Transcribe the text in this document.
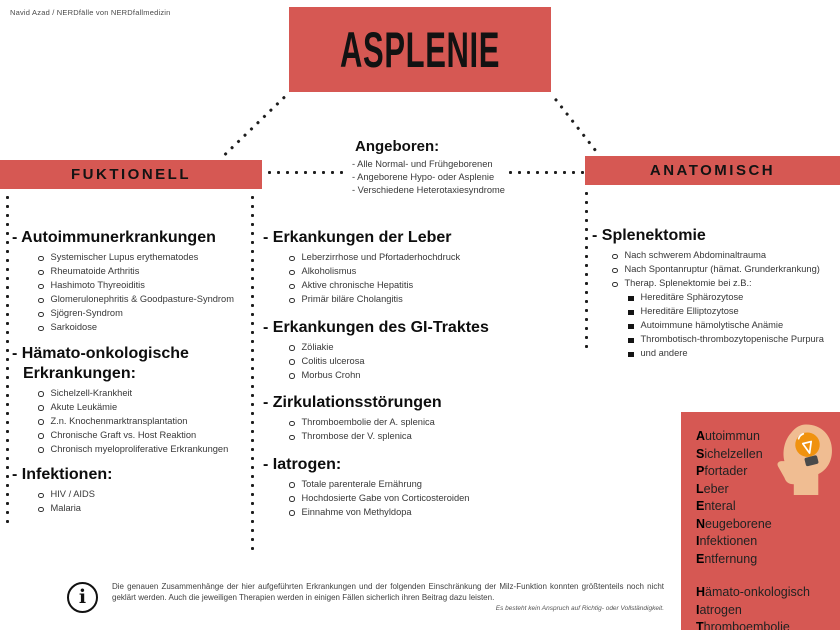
Navid Azad / NERDfälle von NERDfallmedizin
ASPLENIE
FUKTIONELL	ANATOMISCH
Angeboren:
- Alle Normal- und Frühgeborenen
- Angeborene Hypo- oder Asplenie
- Verschiedene Heterotaxiesyndrome
- Autoimmunerkrankungen
Systemischer Lupus erythematodes
Rheumatoide Arthritis
Hashimoto Thyreoiditis
Glomerulonephritis & Goodpasture-Syndrom
Sjögren-Syndrom
Sarkoidose
- Hämato-onkologische Erkrankungen:
Sichelzell-Krankheit
Akute Leukämie
Z.n. Knochenmarktransplantation
Chronische Graft vs. Host Reaktion
Chronisch myeloproliferative Erkrankungen
- Infektionen:
HIV / AIDS
Malaria
- Erkankungen der Leber
Leberzirrhose und Pfortaderhochdruck
Alkoholismus
Aktive chronische Hepatitis
Primär biläre Cholangitis
- Erkankungen des GI-Traktes
Zöliakie
Colitis ulcerosa
Morbus Crohn
- Zirkulationsstörungen
Thromboembolie der A. splenica
Thrombose der V. splenica
- Iatrogen:
Totale parenterale Ernährung
Hochdosierte Gabe von Corticosteroiden
Einnahme von Methyldopa
- Splenektomie
Nach schwerem Abdominaltrauma
Nach Spontanruptur (hämat. Grunderkrankung)
Therap. Splenektomie bei z.B.:
Hereditäre Sphärozytose
Hereditäre Elliptozytose
Autoimmune hämolytische Anämie
Thrombotisch-thrombozytopenische Purpura
und andere
Autoimmun
Sichelzellen
Pfortader
Leber
Enteral
Neugeborene
Infektionen
Entfernung
Hämato-onkologisch
Iatrogen
Thromboembolie
i	Die genauen Zusammenhänge der hier aufgeführten Erkrankungen und der folgenden Einschränkung der Milz-Funktion konnten größtenteils noch nicht geklärt werden. Auch die jeweiligen Therapien werden in einigen Fällen sicherlich ihren Beitrag dazu leisten.
Es besteht kein Anspruch auf Richtig- oder Vollständigkeit.
